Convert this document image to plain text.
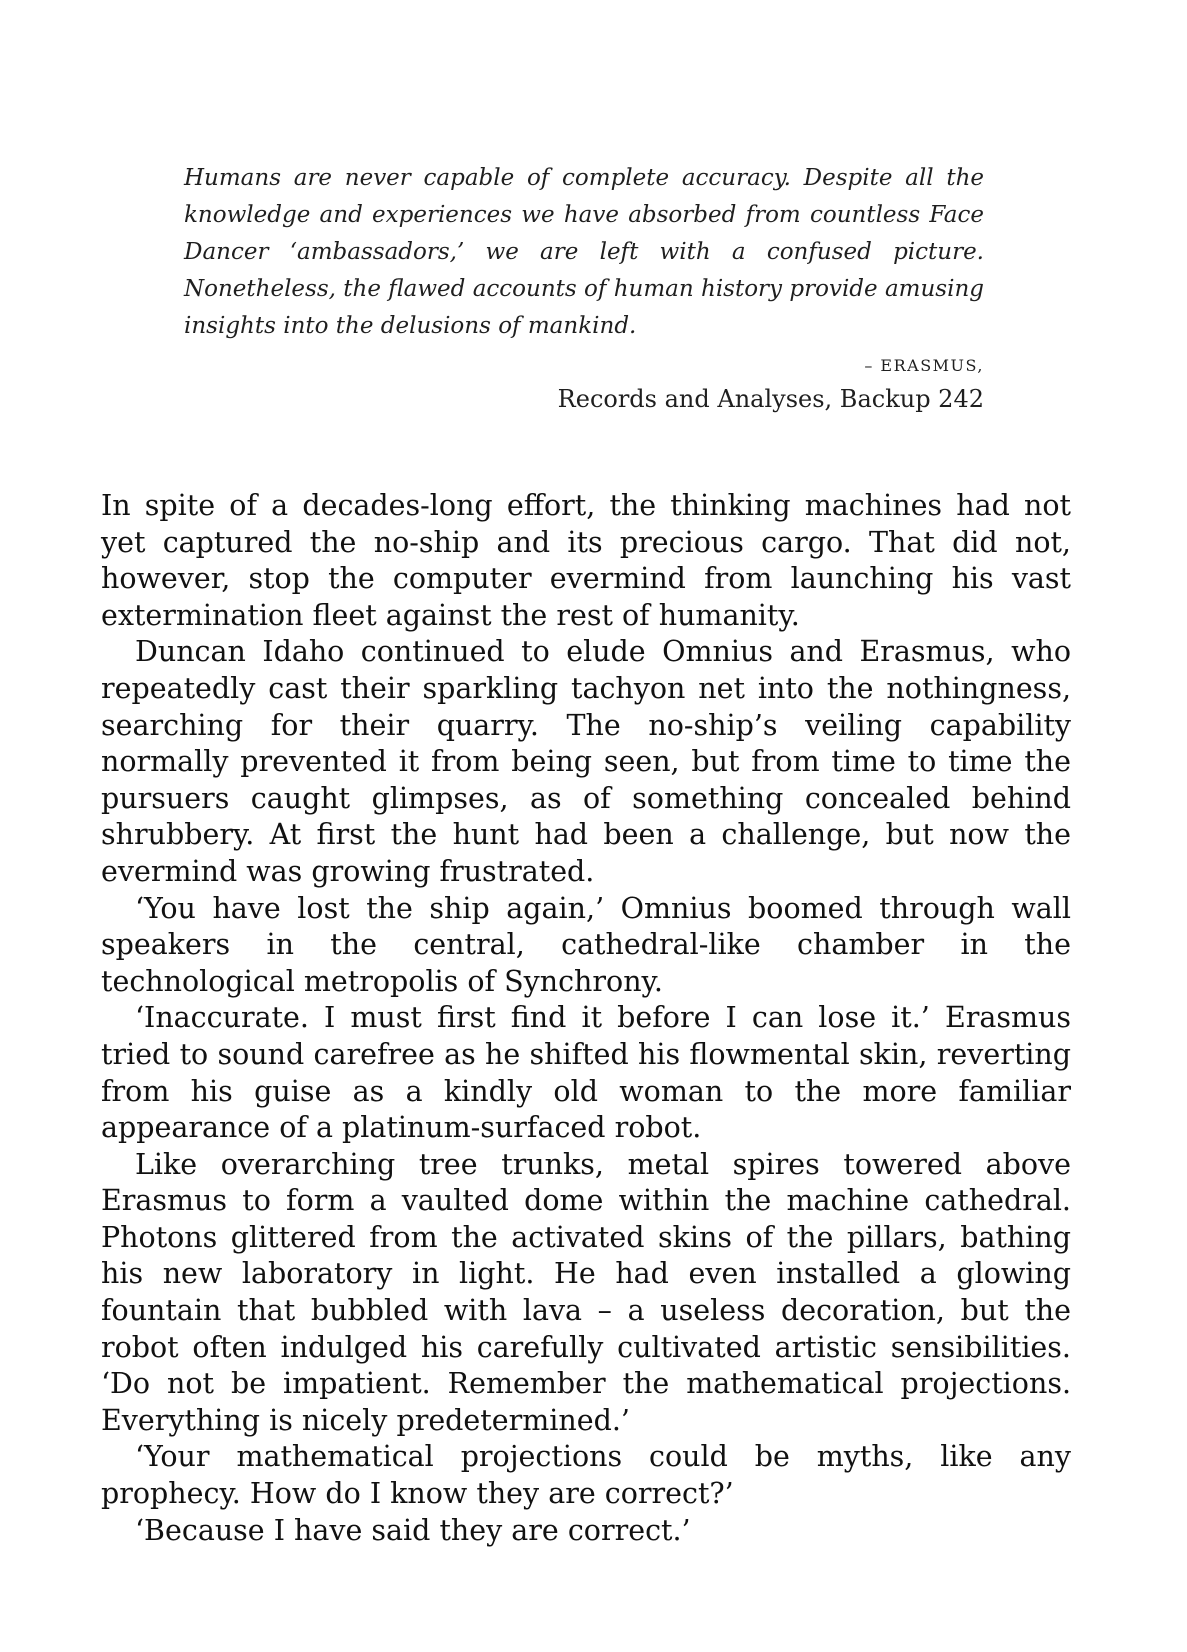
Humans are never capable of complete accuracy. Despite all the knowledge and experiences we have absorbed from countless Face Dancer ‘ambassadors,’ we are left with a confused picture. Nonetheless, the flawed accounts of human history provide amusing insights into the delusions of mankind.

– ERASMUS,
Records and Analyses, Backup 242

In spite of a decades-long effort, the thinking machines had not yet captured the no-ship and its precious cargo. That did not, however, stop the computer evermind from launching his vast extermination fleet against the rest of humanity.

Duncan Idaho continued to elude Omnius and Erasmus, who repeatedly cast their sparkling tachyon net into the nothingness, searching for their quarry. The no-ship’s veiling capability normally prevented it from being seen, but from time to time the pursuers caught glimpses, as of something concealed behind shrubbery. At first the hunt had been a challenge, but now the evermind was growing frustrated.

‘You have lost the ship again,’ Omnius boomed through wall speakers in the central, cathedral-like chamber in the technological metropolis of Synchrony.

‘Inaccurate. I must first find it before I can lose it.’ Erasmus tried to sound carefree as he shifted his flowmental skin, reverting from his guise as a kindly old woman to the more familiar appearance of a platinum-surfaced robot.

Like overarching tree trunks, metal spires towered above Erasmus to form a vaulted dome within the machine cathedral. Photons glittered from the activated skins of the pillars, bathing his new laboratory in light. He had even installed a glowing fountain that bubbled with lava – a useless decoration, but the robot often indulged his carefully cultivated artistic sensibilities. ‘Do not be impatient. Remember the mathematical projections. Everything is nicely predetermined.’

‘Your mathematical projections could be myths, like any prophecy. How do I know they are correct?’

‘Because I have said they are correct.’
